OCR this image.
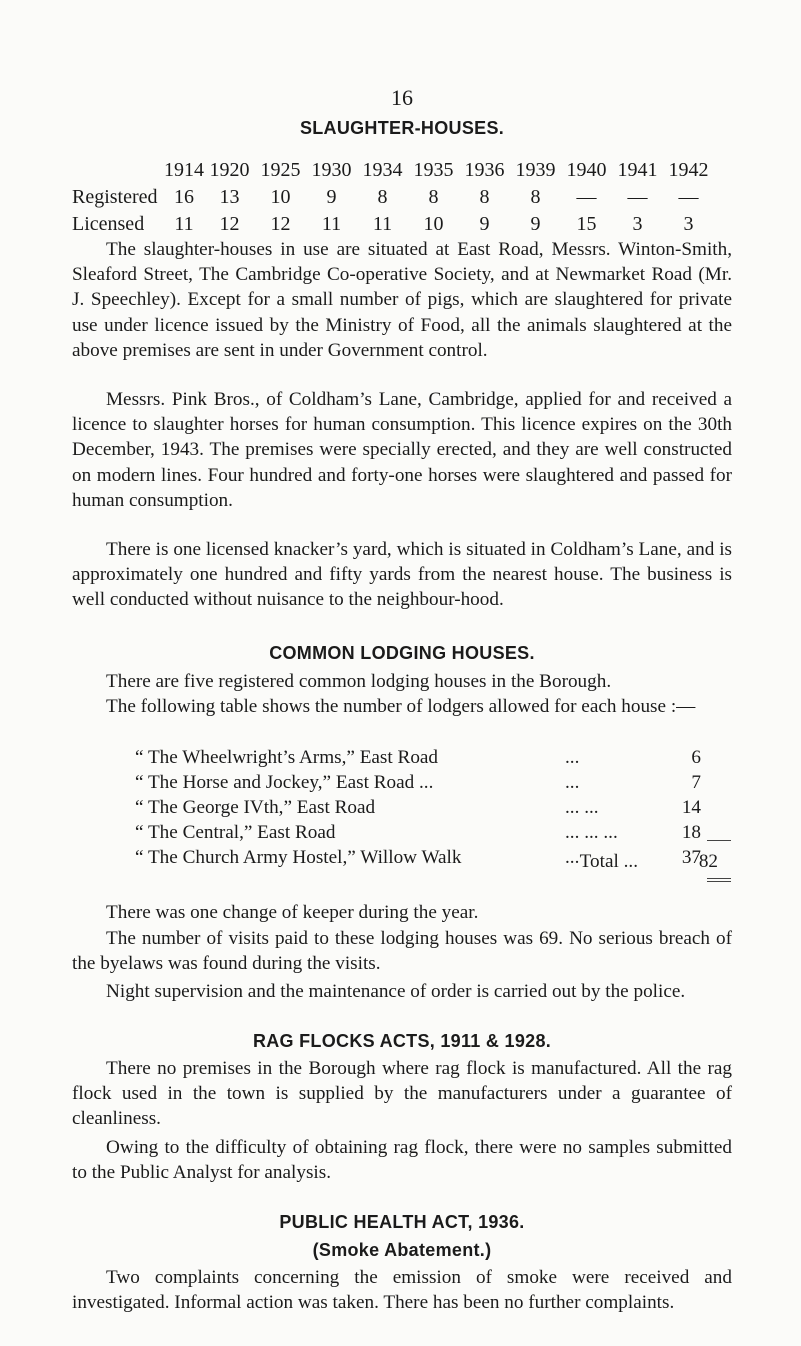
16
SLAUGHTER-HOUSES.
	1914	1920	1925	1930	1934	1935	1936	1939	1940	1941	1942
Registered	16	13	10	9	8	8	8	8	—	—	—
Licensed	11	12	12	11	11	10	9	9	15	3	3

The slaughter-houses in use are situated at East Road, Messrs. Winton-Smith, Sleaford Street, The Cambridge Co-operative Society, and at Newmarket Road (Mr. J. Speechley). Except for a small number of pigs, which are slaughtered for private use under licence issued by the Ministry of Food, all the animals slaughtered at the above premises are sent in under Government control.

Messrs. Pink Bros., of Coldham’s Lane, Cambridge, applied for and received a licence to slaughter horses for human consumption. This licence expires on the 30th December, 1943. The premises were specially erected, and they are well constructed on modern lines. Four hundred and forty-one horses were slaughtered and passed for human consumption.

There is one licensed knacker’s yard, which is situated in Coldham’s Lane, and is approximately one hundred and fifty yards from the nearest house. The business is well conducted without nuisance to the neighbour-hood.

COMMON LODGING HOUSES.

There are five registered common lodging houses in the Borough.

The following table shows the number of lodgers allowed for each house :—

“ The Wheelwright’s Arms,” East Road	...	6
“ The Horse and Jockey,” East Road ...	...	7
“ The George IVth,” East Road	... ...	14
“ The Central,” East Road	... ... ...	18
“ The Church Army Hostel,” Willow Walk	...	37
Total ...	82

There was one change of keeper during the year.

The number of visits paid to these lodging houses was 69. No serious breach of the byelaws was found during the visits.

Night supervision and the maintenance of order is carried out by the police.

RAG FLOCKS ACTS, 1911 & 1928.

There no premises in the Borough where rag flock is manufactured. All the rag flock used in the town is supplied by the manufacturers under a guarantee of cleanliness.

Owing to the difficulty of obtaining rag flock, there were no samples submitted to the Public Analyst for analysis.

PUBLIC HEALTH ACT, 1936.
(Smoke Abatement.)

Two complaints concerning the emission of smoke were received and investigated. Informal action was taken. There has been no further complaints.
